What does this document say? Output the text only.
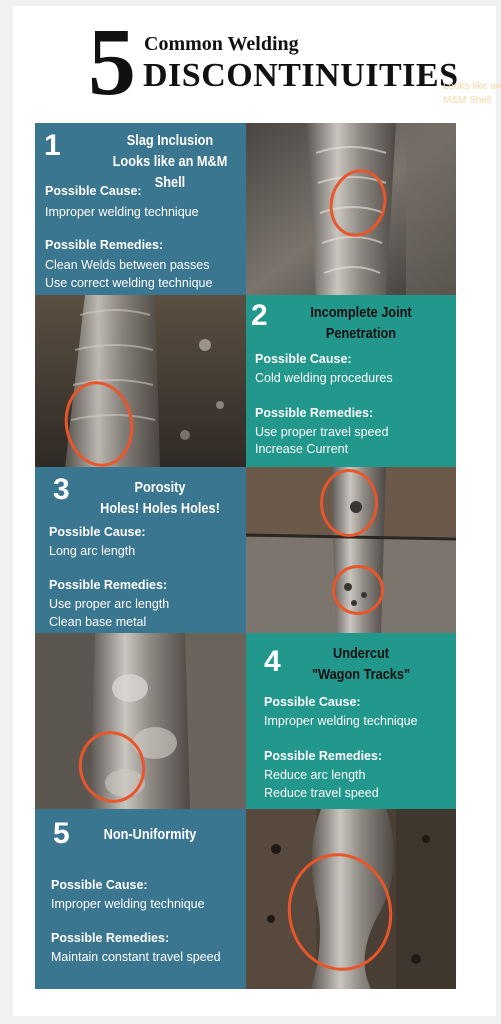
5 Common Welding
DISCONTINUITIES
Looks like an M&M Shell
1	Slag Inclusion
Looks like an M&M Shell
Possible Cause:
Improper welding technique
Possible Remedies:
Clean Welds between passes
Use correct welding technique
2	Incomplete Joint
Penetration
Possible Cause:
Cold welding procedures
Possible Remedies:
Use proper travel speed
Increase Current
3	Porosity
Holes! Holes Holes!
Possible Cause:
Long arc length
Possible Remedies:
Use proper arc length
Clean base metal
4	Undercut
"Wagon Tracks"
Possible Cause:
Improper welding technique
Possible Remedies:
Reduce arc length
Reduce travel speed
5	Non-Uniformity
Possible Cause:
Improper welding technique
Possible Remedies:
Maintain constant travel speed
